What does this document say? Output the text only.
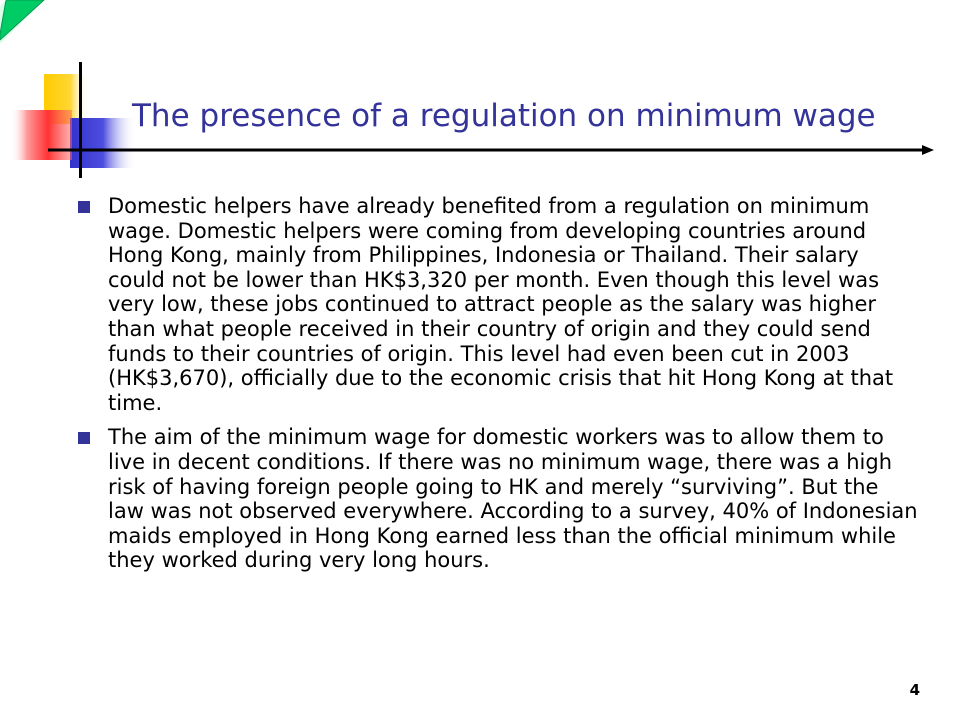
The presence of a regulation on minimum wage
Domestic helpers have already benefited from a regulation on minimum wage. Domestic helpers were coming from developing countries around Hong Kong, mainly from Philippines, Indonesia or Thailand. Their salary could not be lower than HK$3,320 per month. Even though this level was very low, these jobs continued to attract people as the salary was higher than what people received in their country of origin and they could send funds to their countries of origin. This level had even been cut in 2003 (HK$3,670), officially due to the economic crisis that hit Hong Kong at that time.
The aim of the minimum wage for domestic workers was to allow them to live in decent conditions. If there was no minimum wage, there was a high risk of having foreign people going to HK and merely “surviving”. But the law was not observed everywhere. According to a survey, 40% of Indonesian maids employed in Hong Kong earned less than the official minimum while they worked during very long hours.
4
